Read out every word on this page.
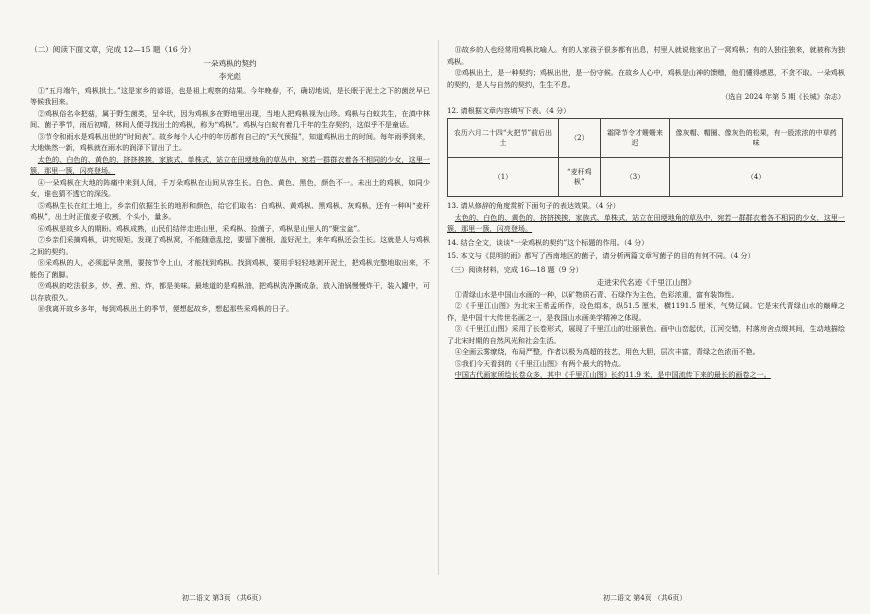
（二）阅读下面文章，完成 12—15 题（16 分）
一朵鸡枞的契约
李光彪

①“五月端午，鸡枞拱土。”这是家乡的谚语，也是祖上观察的结果。今年晚春，不，确切地说，是长眠于泥土之下的菌丝早已等候我回来。

②鸡枞俗名伞把菇，属于野生菌类，呈伞状，因为鸡枞多在野地里出现，当地人把鸡枞视为山珍。鸡枞与白蚁共生，在滇中林间、菌子季节，雨后初晴，林间人便寻找出土的鸡枞，称为“鸡枞”。鸡枞与白蚁有着几千年的生存契约，这似乎不是童话。

③节令和雨水是鸡枞出世的“时间表”。故乡每个人心中的年历都有自己的“天气预报”，知道鸡枞出土的时间。每年雨季到来，大地焕然一新，鸡枞就在雨水的润泽下冒出了土。

太色的、白色的、黄色的，挤挤挨挨，家族式、单株式，站立在田埂地角的草丛中，宛若一群群衣着各不相同的少女，这里一簇，那里一簇，闪亮登场。

④一朵鸡枞在大地的阵痛中来到人间，千万朵鸡枞在山间从容生长。白色、黄色、黑色，颜色不一。未出土的鸡枞，如同少女，谁也猜不透它的深浅。

⑤鸡枞生长在红土地上，乡亲们依据生长的地形和颜色，给它们取名：白鸡枞、黄鸡枞、黑鸡枞、灰鸡枞，还有一种叫“麦秆鸡枞”，出土时正值麦子收割，个头小，量多。

⑥鸡枞是故乡人的期盼。鸡枞成熟，山民们结伴走进山里，采鸡枞、捡菌子，鸡枞是山里人的“聚宝盆”。

⑦乡亲们采摘鸡枞，讲究规矩。发现了鸡枞窝，不能随意乱挖，要留下菌根，盖好泥土，来年鸡枞还会生长。这就是人与鸡枞之间的契约。

⑧采鸡枞的人，必须起早贪黑，要按节令上山，才能找到鸡枞。找到鸡枞，要用手轻轻地剥开泥土，把鸡枞完整地取出来，不能伤了菌脚。

⑨鸡枞的吃法很多，炒、煮、煎、炸，都是美味。最地道的是鸡枞油，把鸡枞洗净撕成条，放入油锅慢慢炸干，装入罐中，可以存放很久。

⑩我离开故乡多年，每到鸡枞出土的季节，便想起故乡，想起那些采鸡枞的日子。

⑪故乡的人也经常用鸡枞比喻人。有的人家孩子很多都有出息，村里人就说他家出了一窝鸡枞；有的人独往独来，就被称为独鸡枞。

⑫鸡枞出土，是一种契约；鸡枞出世，是一份守候。在故乡人心中，鸡枞是山神的馈赠，他们懂得感恩，不贪不取。一朵鸡枞的契约，是人与自然的契约，生生不息。

（选自 2024 年第 5 期《长城》杂志）

12. 请根据文章内容填写下表。（4 分）

农历六月二十四“火把节”前后出土	（2）	霜降节令才姗姗来迟	像灰帽、帽圈、像灰色的松果，有一股浓浓的中草药味
（1）	“麦秆鸡枞”	（3）	（4）

13. 请从修辞的角度赏析下面句子的表达效果。（4 分）

太色的、白色的、黄色的，挤挤挨挨，家族式、单株式，站立在田埂地角的草丛中，宛若一群群衣着各不相同的少女，这里一簇，那里一簇，闪亮登场。

14. 结合全文，谈谈“一朵鸡枞的契约”这个标题的作用。（4 分）

15. 本文与《昆明的雨》都写了西南地区的菌子，请分析两篇文章写菌子的目的有何不同。（4 分）

（三）阅读材料，完成 16—18 题（9 分）

走进宋代名迹《千里江山图》

①青绿山水是中国山水画的一种，以矿物质石青、石绿作为主色，色彩浓重，富有装饰性。

②《千里江山图》为北宋王希孟所作，设色绢本，纵51.5 厘米，横1191.5 厘米，气势辽阔。它是宋代青绿山水的巅峰之作，是中国十大传世名画之一，是我国山水画美学精神之体现。

③《千里江山图》采用了长卷形式，展现了千里江山的壮丽景色。画中山峦起伏，江河交错，村落房舍点缀其间，生动地描绘了北宋时期的自然风光和社会生活。

④全画云雾缭绕，布局严整，作者以极为高超的技艺，用色大胆，层次丰富，青绿之色浓而不艳。

⑤我们今天看到的《千里江山图》有两个最大的特点。

中国古代画家所绘长卷众多，其中《千里江山图》长约11.9 米，是中国流传下来的最长的画卷之一。

初二语文 第3页 （共6页）	初二语文 第4页 （共6页）
